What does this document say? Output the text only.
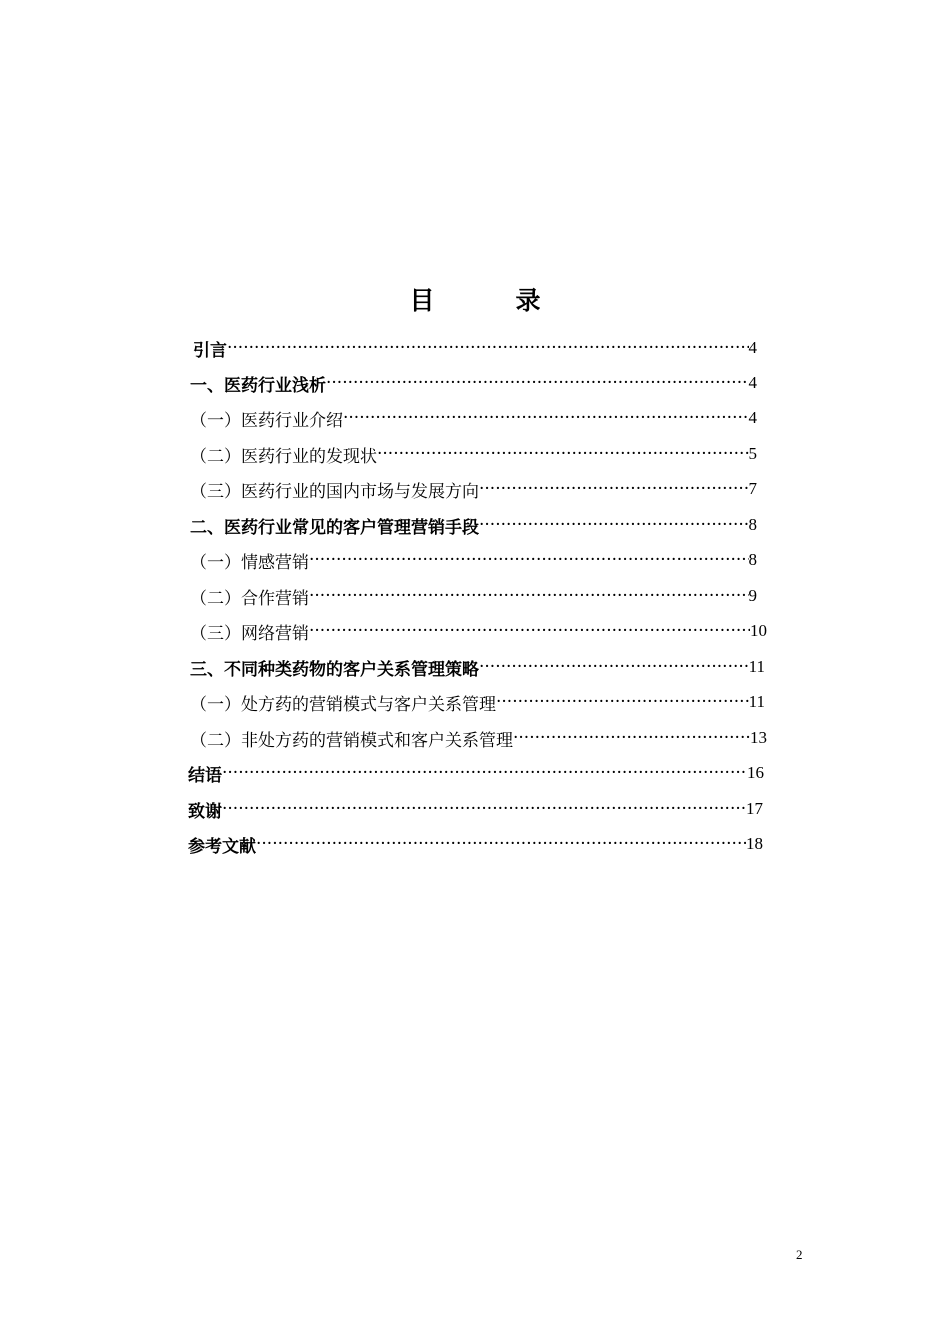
目　录
引言 ·····	4
一、医药行业浅析 ·····	4
（一）医药行业介绍 ·····	4
（二）医药行业的发现状 ·····	5
（三）医药行业的国内市场与发展方向 ·····	7
二、医药行业常见的客户管理营销手段 ·····	8
（一）情感营销 ·····	8
（二）合作营销 ·····	9
（三）网络营销 ·····	10
三、不同种类药物的客户关系管理策略 ·····	11
（一）处方药的营销模式与客户关系管理 ·····	11
（二）非处方药的营销模式和客户关系管理 ·····	13
结语 ·····	16
致谢 ·····	17
参考文献 ·····	18
2
